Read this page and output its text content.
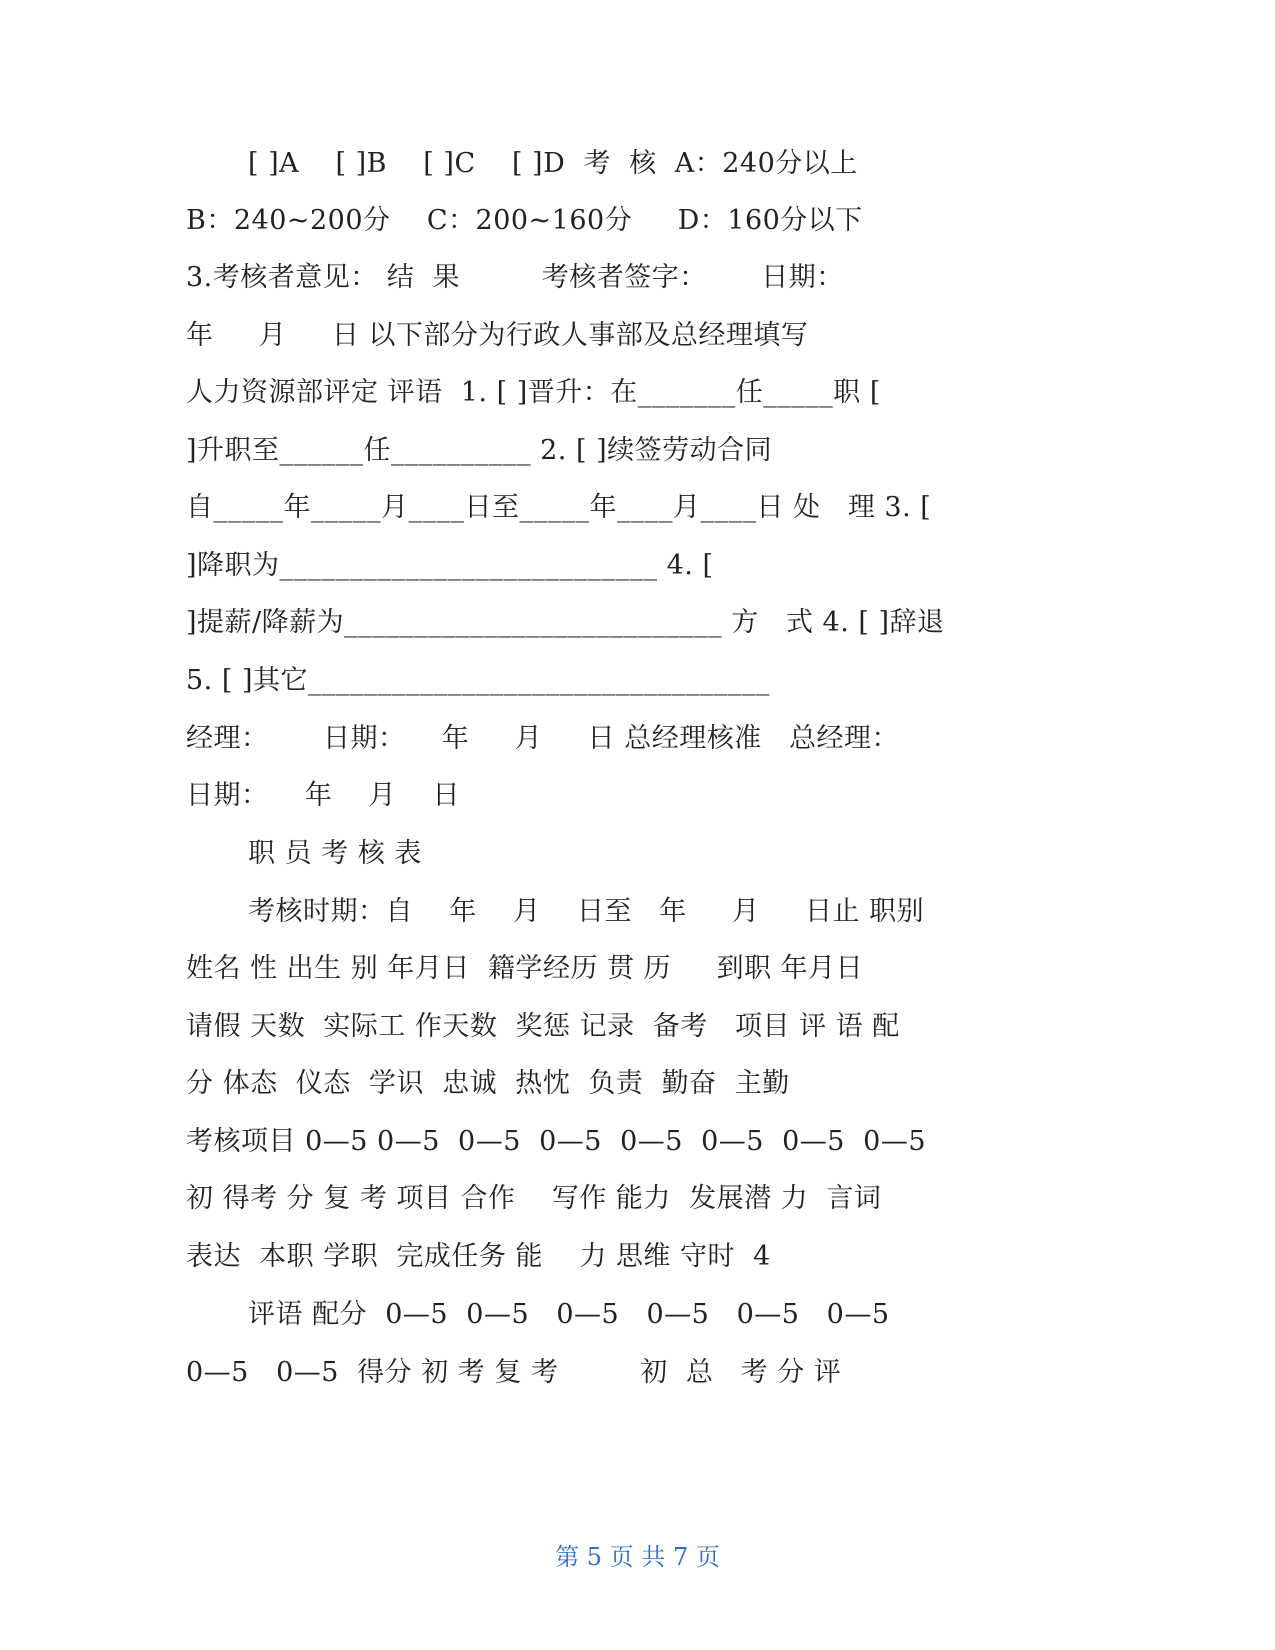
[ ]A    [ ]B    [ ]C    [ ]D  考  核  A：240分以上
B：240~200分    C：200~160分     D：160分以下
3.考核者意见： 结  果         考核者签字：      日期：
年     月     日 以下部分为行政人事部及总经理填写
人力资源部评定 评语  1. [ ]晋升：在_______任_____职 [
]升职至______任__________ 2. [ ]续签劳动合同
自_____年_____月____日至_____年____月____日 处   理 3. [
]降职为___________________________ 4. [
]提薪/降薪为___________________________ 方   式 4. [ ]辞退
5. [ ]其它_________________________________
经理：      日期：    年     月     日 总经理核准   总经理：
日期：    年    月    日
职 员 考 核 表
考核时期：自    年    月    日至   年     月     日止 职别
姓名 性 出生 别 年月日  籍学经历 贯 历     到职 年月日
请假 天数  实际工 作天数  奖惩 记录  备考   项目 评 语 配
分 体态  仪态  学识  忠诚  热忱  负责  勤奋  主勤
考核项目 0—5 0—5  0—5  0—5  0—5  0—5  0—5  0—5
初 得考 分 复 考 项目 合作    写作 能力  发展潜 力  言词
表达  本职 学职  完成任务 能    力 思维 守时  4
评语 配分  0—5  0—5   0—5   0—5   0—5   0—5
0—5   0—5  得分 初 考 复 考         初  总   考 分 评
第 5 页 共 7 页
